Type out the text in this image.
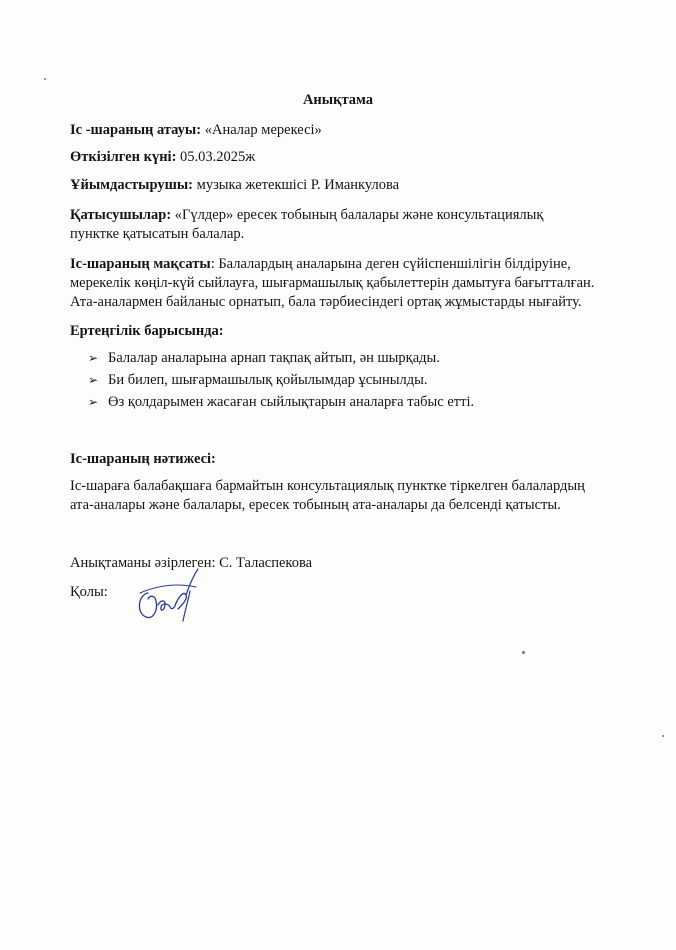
Анықтама
Іс -шараның атауы: «Аналар мерекесі»
Өткізілген күні: 05.03.2025ж
Ұйымдастырушы: музыка жетекшісі Р. Иманкулова
Қатысушылар: «Гүлдер» ересек тобының балалары және консультациялық
пунктке қатысатын балалар.
Іс-шараның мақсаты: Балалардың аналарына деген сүйіспеншілігін білдіруіне,
мерекелік көңіл-күй сыйлауға, шығармашылық қабылеттерін дамытуға бағытталған.
Ата-аналармен байланыс орнатып, бала тәрбиесіндегі ортақ жұмыстарды нығайту.
Ертеңгілік барысында:
➢ Балалар аналарына арнап тақпақ айтып, ән шырқады.
➢ Би билеп, шығармашылық қойылымдар ұсынылды.
➢ Өз қолдарымен жасаған сыйлықтарын аналарға табыс етті.
Іс-шараның нәтижесі:
Іс-шараға балабақшаға бармайтын консультациялық пунктке тіркелген балалардың
ата-аналары және балалары, ересек тобының ата-аналары да белсенді қатысты.
Анықтаманы әзірлеген: С. Таласпекова
Қолы:
